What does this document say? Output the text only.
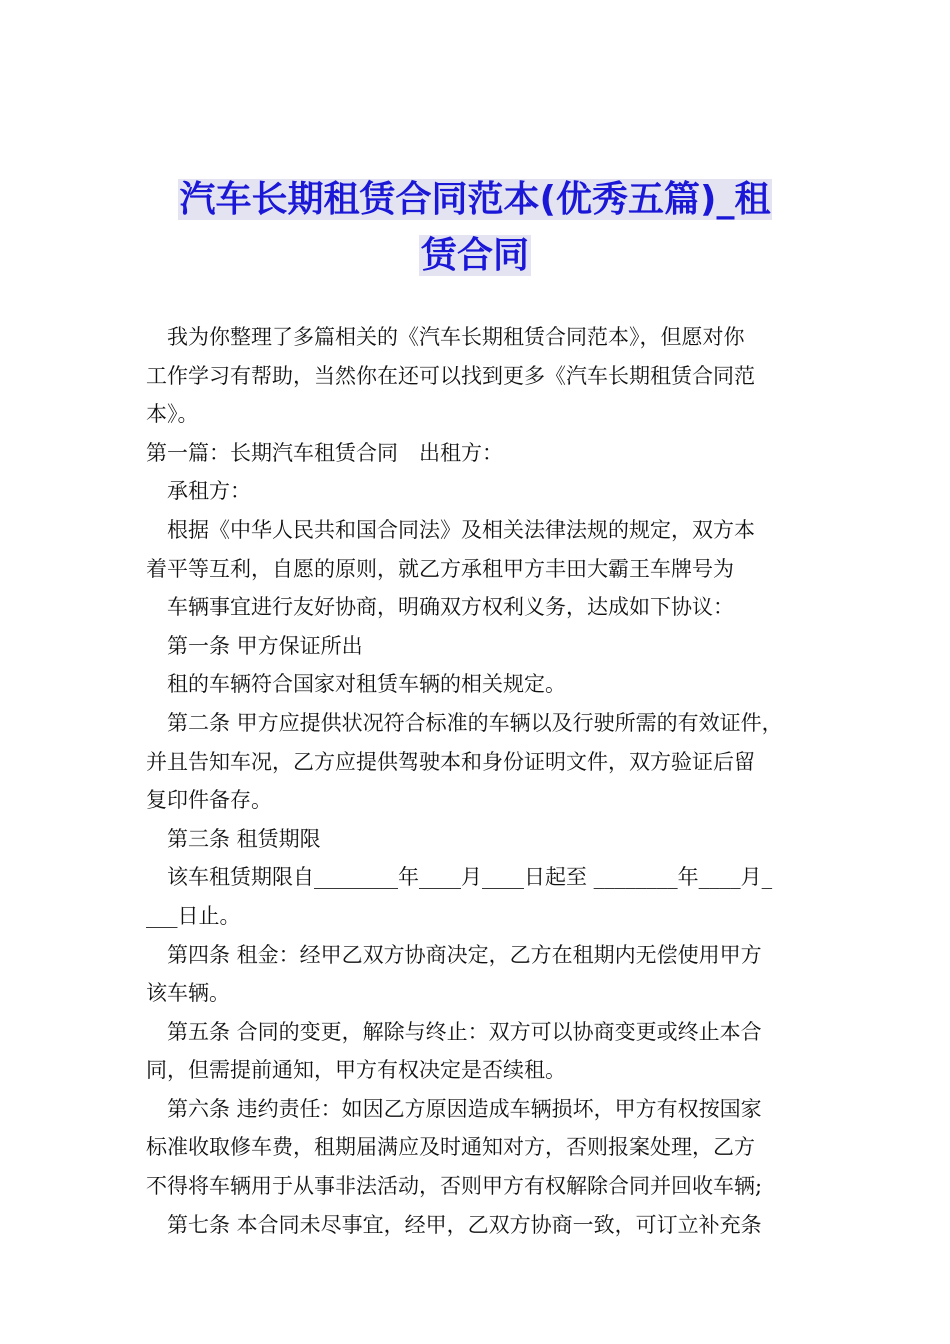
汽车长期租赁合同范本(优秀五篇)_租
赁合同

我为你整理了多篇相关的《汽车长期租赁合同范本》，但愿对你

工作学习有帮助，当然你在还可以找到更多《汽车长期租赁合同范

本》。

第一篇：长期汽车租赁合同　出租方：

承租方：

根据《中华人民共和国合同法》及相关法律法规的规定，双方本

着平等互利，自愿的原则，就乙方承租甲方丰田大霸王车牌号为

车辆事宜进行友好协商，明确双方权利义务，达成如下协议：

第一条 甲方保证所出

租的车辆符合国家对租赁车辆的相关规定。

第二条 甲方应提供状况符合标准的车辆以及行驶所需的有效证件，

并且告知车况，乙方应提供驾驶本和身份证明文件，双方验证后留

复印件备存。

第三条 租赁期限

该车租赁期限自________年____月____日起至 ________年____月_

___日止。

第四条 租金：经甲乙双方协商决定，乙方在租期内无偿使用甲方

该车辆。

第五条 合同的变更，解除与终止：双方可以协商变更或终止本合

同，但需提前通知，甲方有权决定是否续租。

第六条 违约责任：如因乙方原因造成车辆损坏，甲方有权按国家

标准收取修车费，租期届满应及时通知对方，否则报案处理，乙方

不得将车辆用于从事非法活动，否则甲方有权解除合同并回收车辆;

第七条 本合同未尽事宜，经甲，乙双方协商一致，可订立补充条
